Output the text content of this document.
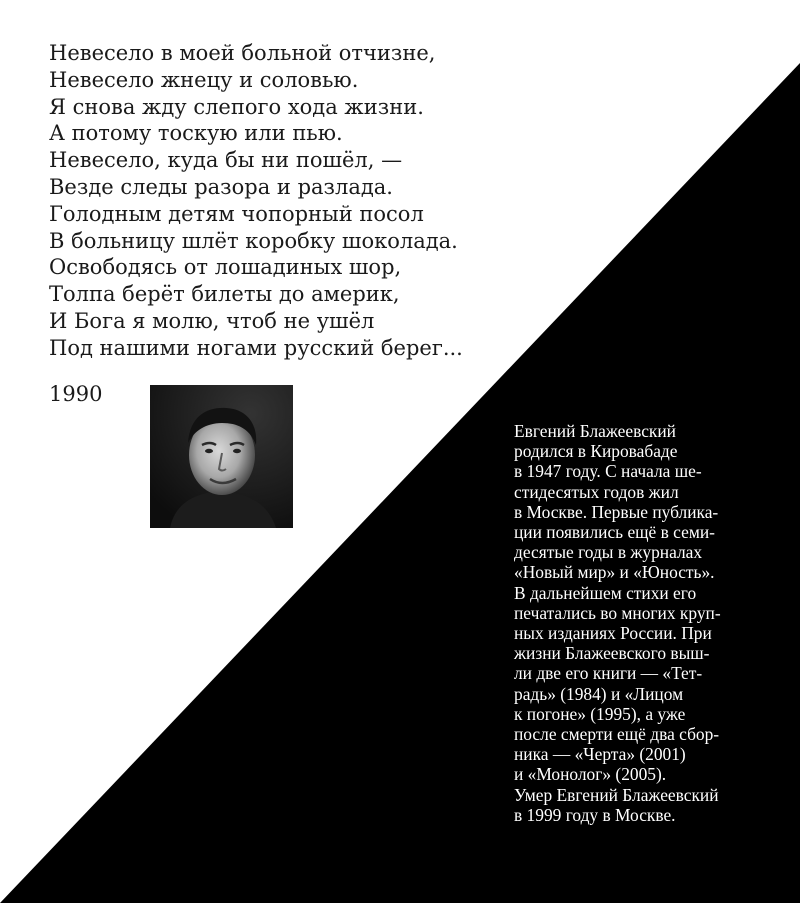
Невесело в моей больной отчизне,
Невесело жнецу и соловью.
Я снова жду слепого хода жизни.
А потому тоскую или пью.
Невесело, куда бы ни пошёл, —
Везде следы разора и разлада.
Голодным детям чопорный посол
В больницу шлёт коробку шоколада.
Освободясь от лошадиных шор,
Толпа берёт билеты до америк,
И Бога я молю, чтоб не ушёл
Под нашими ногами русский берег...
1990
Евгений Блажеевский
родился в Кировабаде
в 1947 году. С начала ше-
стидесятых годов жил
в Москве. Первые публика-
ции появились ещё в семи-
десятые годы в журналах
«Новый мир» и «Юность».
В дальнейшем стихи его
печатались во многих круп-
ных изданиях России. При
жизни Блажеевского выш-
ли две его книги — «Тет-
радь» (1984) и «Лицом
к погоне» (1995), а уже
после смерти ещё два сбор-
ника — «Черта» (2001)
и «Монолог» (2005).
Умер Евгений Блажеевский
в 1999 году в Москве.
